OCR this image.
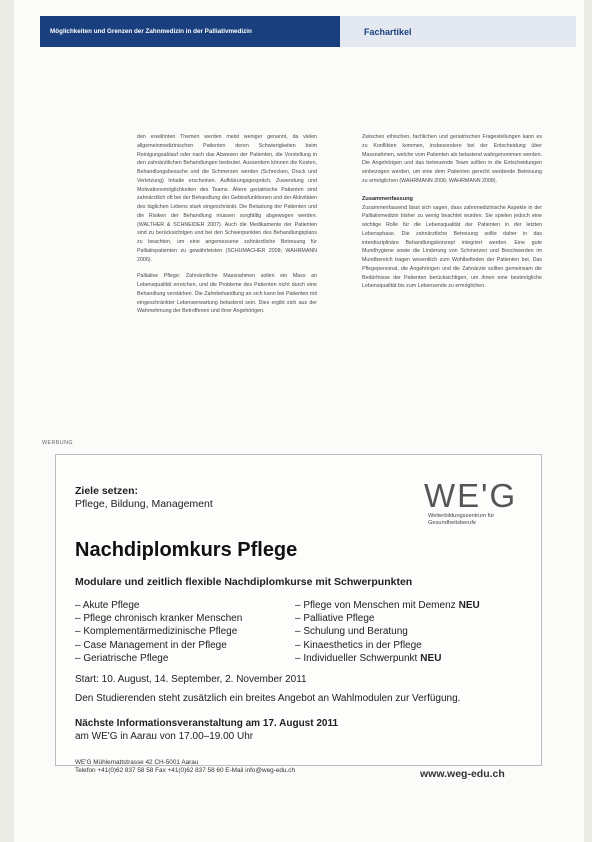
Möglichkeiten und Grenzen der Zahnmedizin in der Palliativmedizin	Fachartikel

den erwähnten Themen werden meist weniger genannt, da vielen allgemeinmedizinischen Patienten deren Schwierigkeiten beim Reinigungsablauf oder nach das Abwesen der Patienten, die Vorstellung in den zahnärztlichen Behandlungen bedeutet. Ausserdem können die Kosten, Behandlungsbesuche und die Schmerzen werden (Schrecken, Druck und Verletzung) Inhalte erscheinen. Aufklärungsgespräch, Zuwendung und Motivationsmöglichkeiten des Teams. Ältere geriatrische Patienten sind zahnärztlich oft bei der Behandlung der Gebissfunktionen und der Aktivitäten des täglichen Lebens stark eingeschränkt. Die Belastung der Patienten und die Risiken der Behandlung müssen sorgfältig abgewogen werden. (WALTHER & SCHNEIDER 2007). Auch die Medikamente der Patienten sind zu berücksichtigen und bei den Schwerpunkten des Behandlungsplans zu beachten, um eine angemessene zahnärztliche Betreuung für Palliativpatienten zu gewährleisten (SCHUMACHER 2008; WAHRMANN 2006).

Palliative Pflege: Zahnärztliche Massnahmen sollen ein Mass an Lebensqualität erreichen, und die Probleme des Patienten nicht durch eine Behandlung verstärken. Die Zahnbehandlung an sich kann bei Patienten mit eingeschränkter Lebenserwartung belastend sein. Dies ergibt sich aus der Wahrnehmung der Betroffenen und ihrer Angehörigen.

Zwischen ethischen, fachlichen und geriatrischen Fragestellungen kann es zu Konflikten kommen, insbesondere bei der Entscheidung über Massnahmen, welche vom Patienten als belastend wahrgenommen werden. Die Angehörigen und das betreuende Team sollten in die Entscheidungen einbezogen werden, um eine dem Patienten gerecht werdende Betreuung zu ermöglichen (WAHRMANN 2006; WAHRMANN 2008).

Zusammenfassung

Zusammenfassend lässt sich sagen, dass zahnmedizinische Aspekte in der Palliativmedizin bisher zu wenig beachtet wurden. Sie spielen jedoch eine wichtige Rolle für die Lebensqualität der Patienten in der letzten Lebensphase. Die zahnärztliche Betreuung sollte daher in das interdisziplinäre Behandlungskonzept integriert werden. Eine gute Mundhygiene sowie die Linderung von Schmerzen und Beschwerden im Mundbereich tragen wesentlich zum Wohlbefinden der Patienten bei. Das Pflegepersonal, die Angehörigen und die Zahnärzte sollten gemeinsam die Bedürfnisse der Patienten berücksichtigen, um ihnen eine bestmögliche Lebensqualität bis zum Lebensende zu ermöglichen.

WERBUNG
Ziele setzen:
Pflege, Bildung, Management	WE'G
Weiterbildungszentrum für
Gesundheitsberufe
Nachdiplomkurs Pflege
Modulare und zeitlich flexible Nachdiplomkurse mit Schwerpunkten
– Akute Pflege
– Pflege chronisch kranker Menschen
– Komplementärmedizinische Pflege
– Case Management in der Pflege
– Geriatrische Pflege
– Pflege von Menschen mit Demenz NEU
– Palliative Pflege
– Schulung und Beratung
– Kinaesthetics in der Pflege
– Individueller Schwerpunkt NEU
Start: 10. August, 14. September, 2. November 2011
Den Studierenden steht zusätzlich ein breites Angebot an Wahlmodulen zur Verfügung.
Nächste Informationsveranstaltung am 17. August 2011
am WE'G in Aarau von 17.00–19.00 Uhr
WE'G Mühlemattstrasse 42 CH-5001 Aarau
Telefon +41(0)62 837 58 58 Fax +41(0)62 837 58 60 E-Mail info@weg-edu.ch	www.weg-edu.ch
